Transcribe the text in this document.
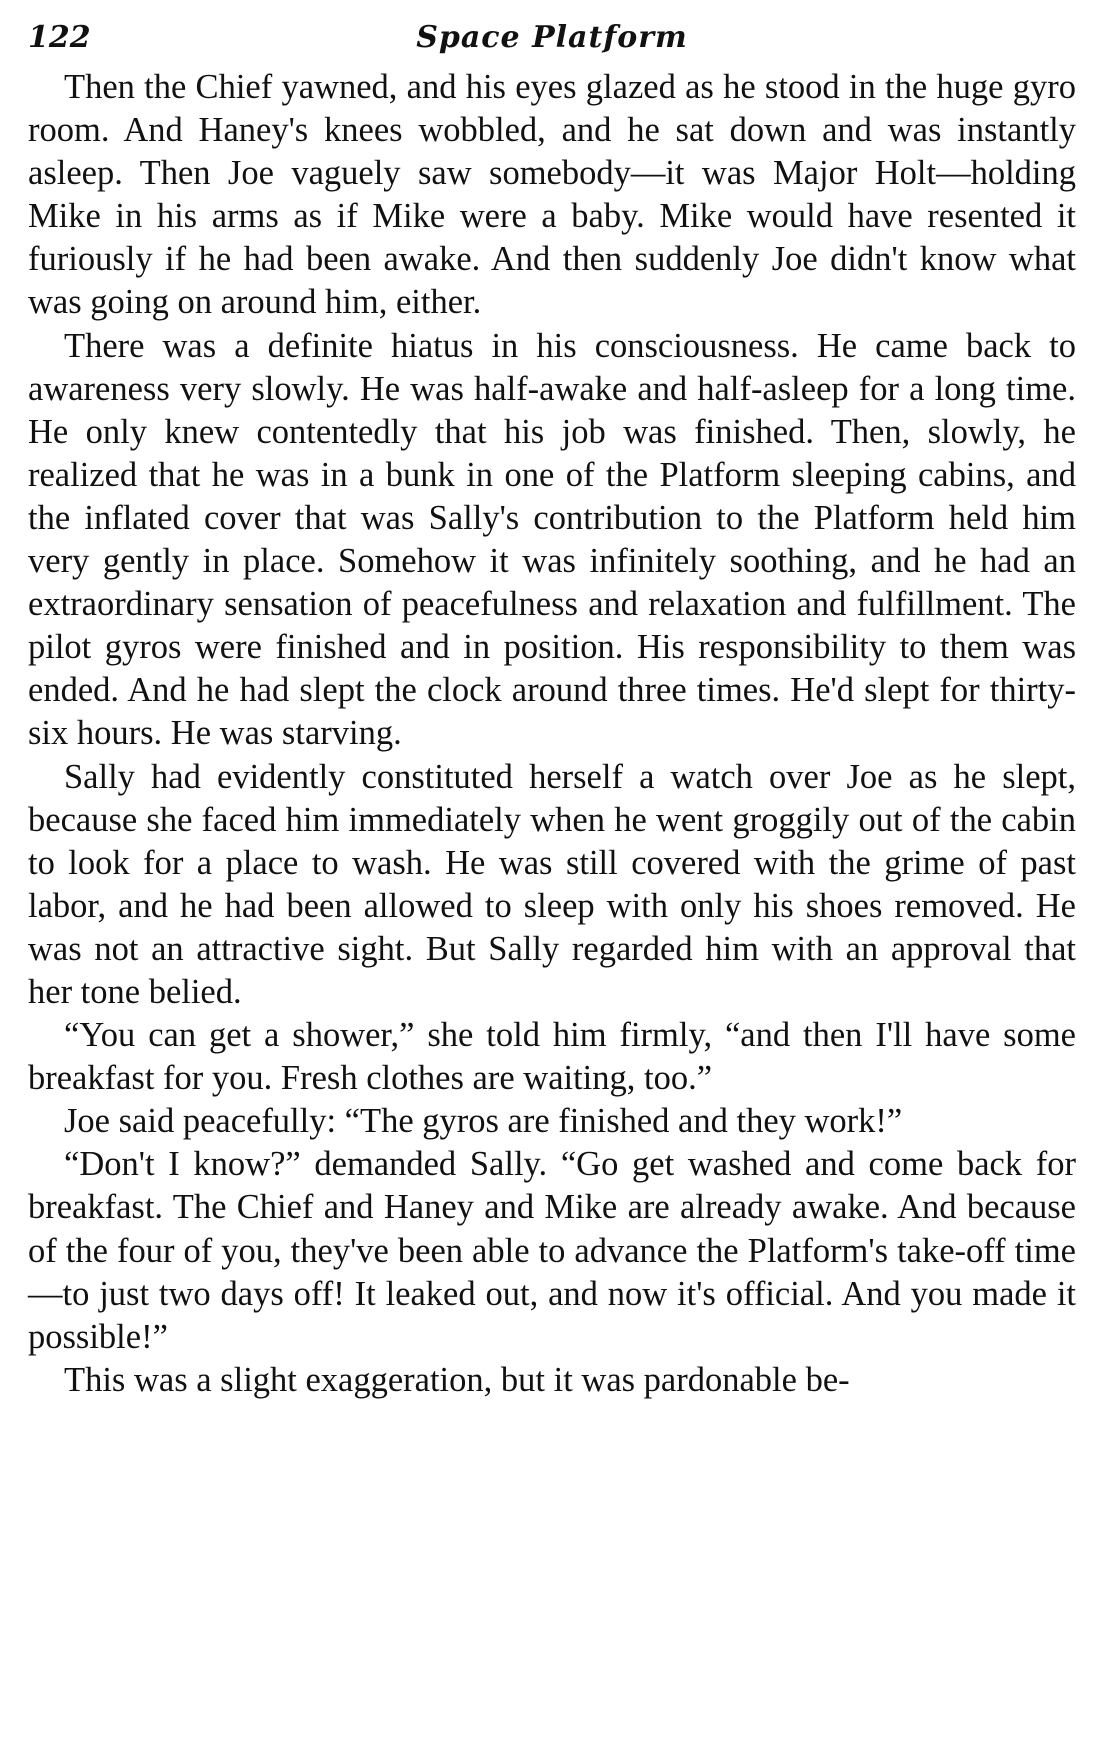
122	Space Platform

Then the Chief yawned, and his eyes glazed as he stood in the huge gyro room. And Haney's knees wobbled, and he sat down and was instantly asleep. Then Joe vaguely saw somebody—it was Major Holt—holding Mike in his arms as if Mike were a baby. Mike would have resented it furiously if he had been awake. And then suddenly Joe didn't know what was going on around him, either.

There was a definite hiatus in his consciousness. He came back to awareness very slowly. He was half-awake and half-asleep for a long time. He only knew contentedly that his job was finished. Then, slowly, he realized that he was in a bunk in one of the Platform sleeping cabins, and the inflated cover that was Sally's contribution to the Platform held him very gently in place. Somehow it was infinitely soothing, and he had an extraordinary sensation of peacefulness and relaxation and fulfillment. The pilot gyros were finished and in position. His responsibility to them was ended. And he had slept the clock around three times. He'd slept for thirty-six hours. He was starving.

Sally had evidently constituted herself a watch over Joe as he slept, because she faced him immediately when he went groggily out of the cabin to look for a place to wash. He was still covered with the grime of past labor, and he had been allowed to sleep with only his shoes removed. He was not an attractive sight. But Sally regarded him with an approval that her tone belied.

“You can get a shower,” she told him firmly, “and then I'll have some breakfast for you. Fresh clothes are waiting, too.”

Joe said peacefully: “The gyros are finished and they work!”

“Don't I know?” demanded Sally. “Go get washed and come back for breakfast. The Chief and Haney and Mike are already awake. And because of the four of you, they've been able to advance the Platform's take-off time—to just two days off! It leaked out, and now it's official. And you made it possible!”

This was a slight exaggeration, but it was pardonable be-
